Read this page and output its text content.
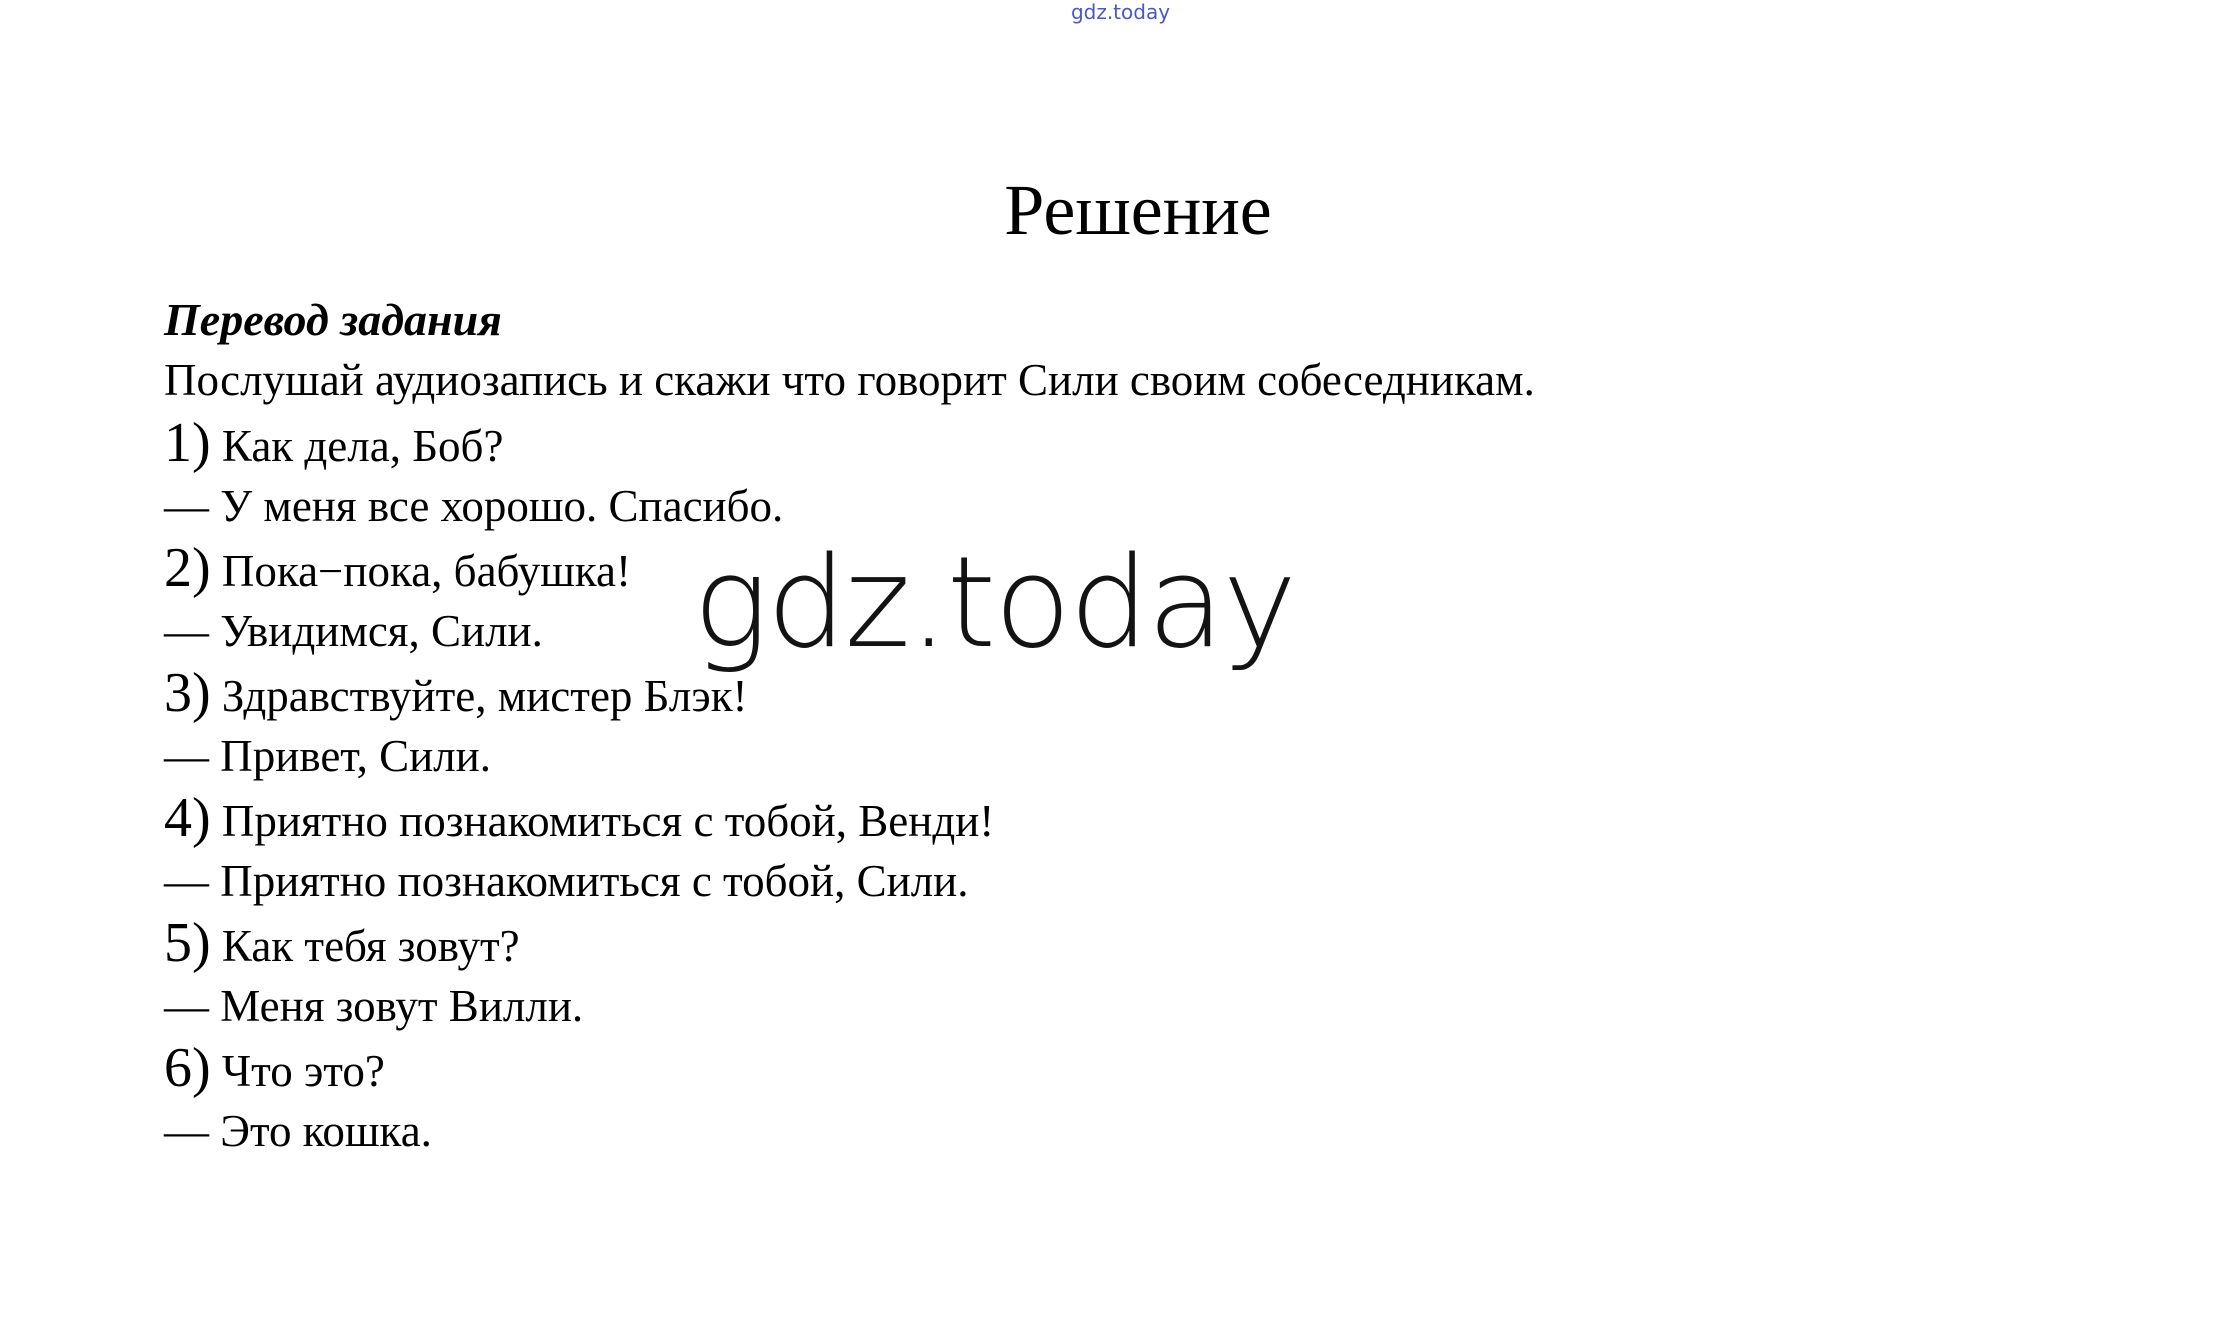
gdz.today
Решение
Перевод задания
Послушай аудиозапись и скажи что говорит Сили своим собеседникам.
1) Как дела, Боб?
— У меня все хорошо. Спасибо.
2) Пока−пока, бабушка!
— Увидимся, Сили.
3) Здравствуйте, мистер Блэк!
— Привет, Сили.
4) Приятно познакомиться с тобой, Венди!
— Приятно познакомиться с тобой, Сили.
5) Как тебя зовут?
— Меня зовут Вилли.
6) Что это?
— Это кошка.
gdz.today
